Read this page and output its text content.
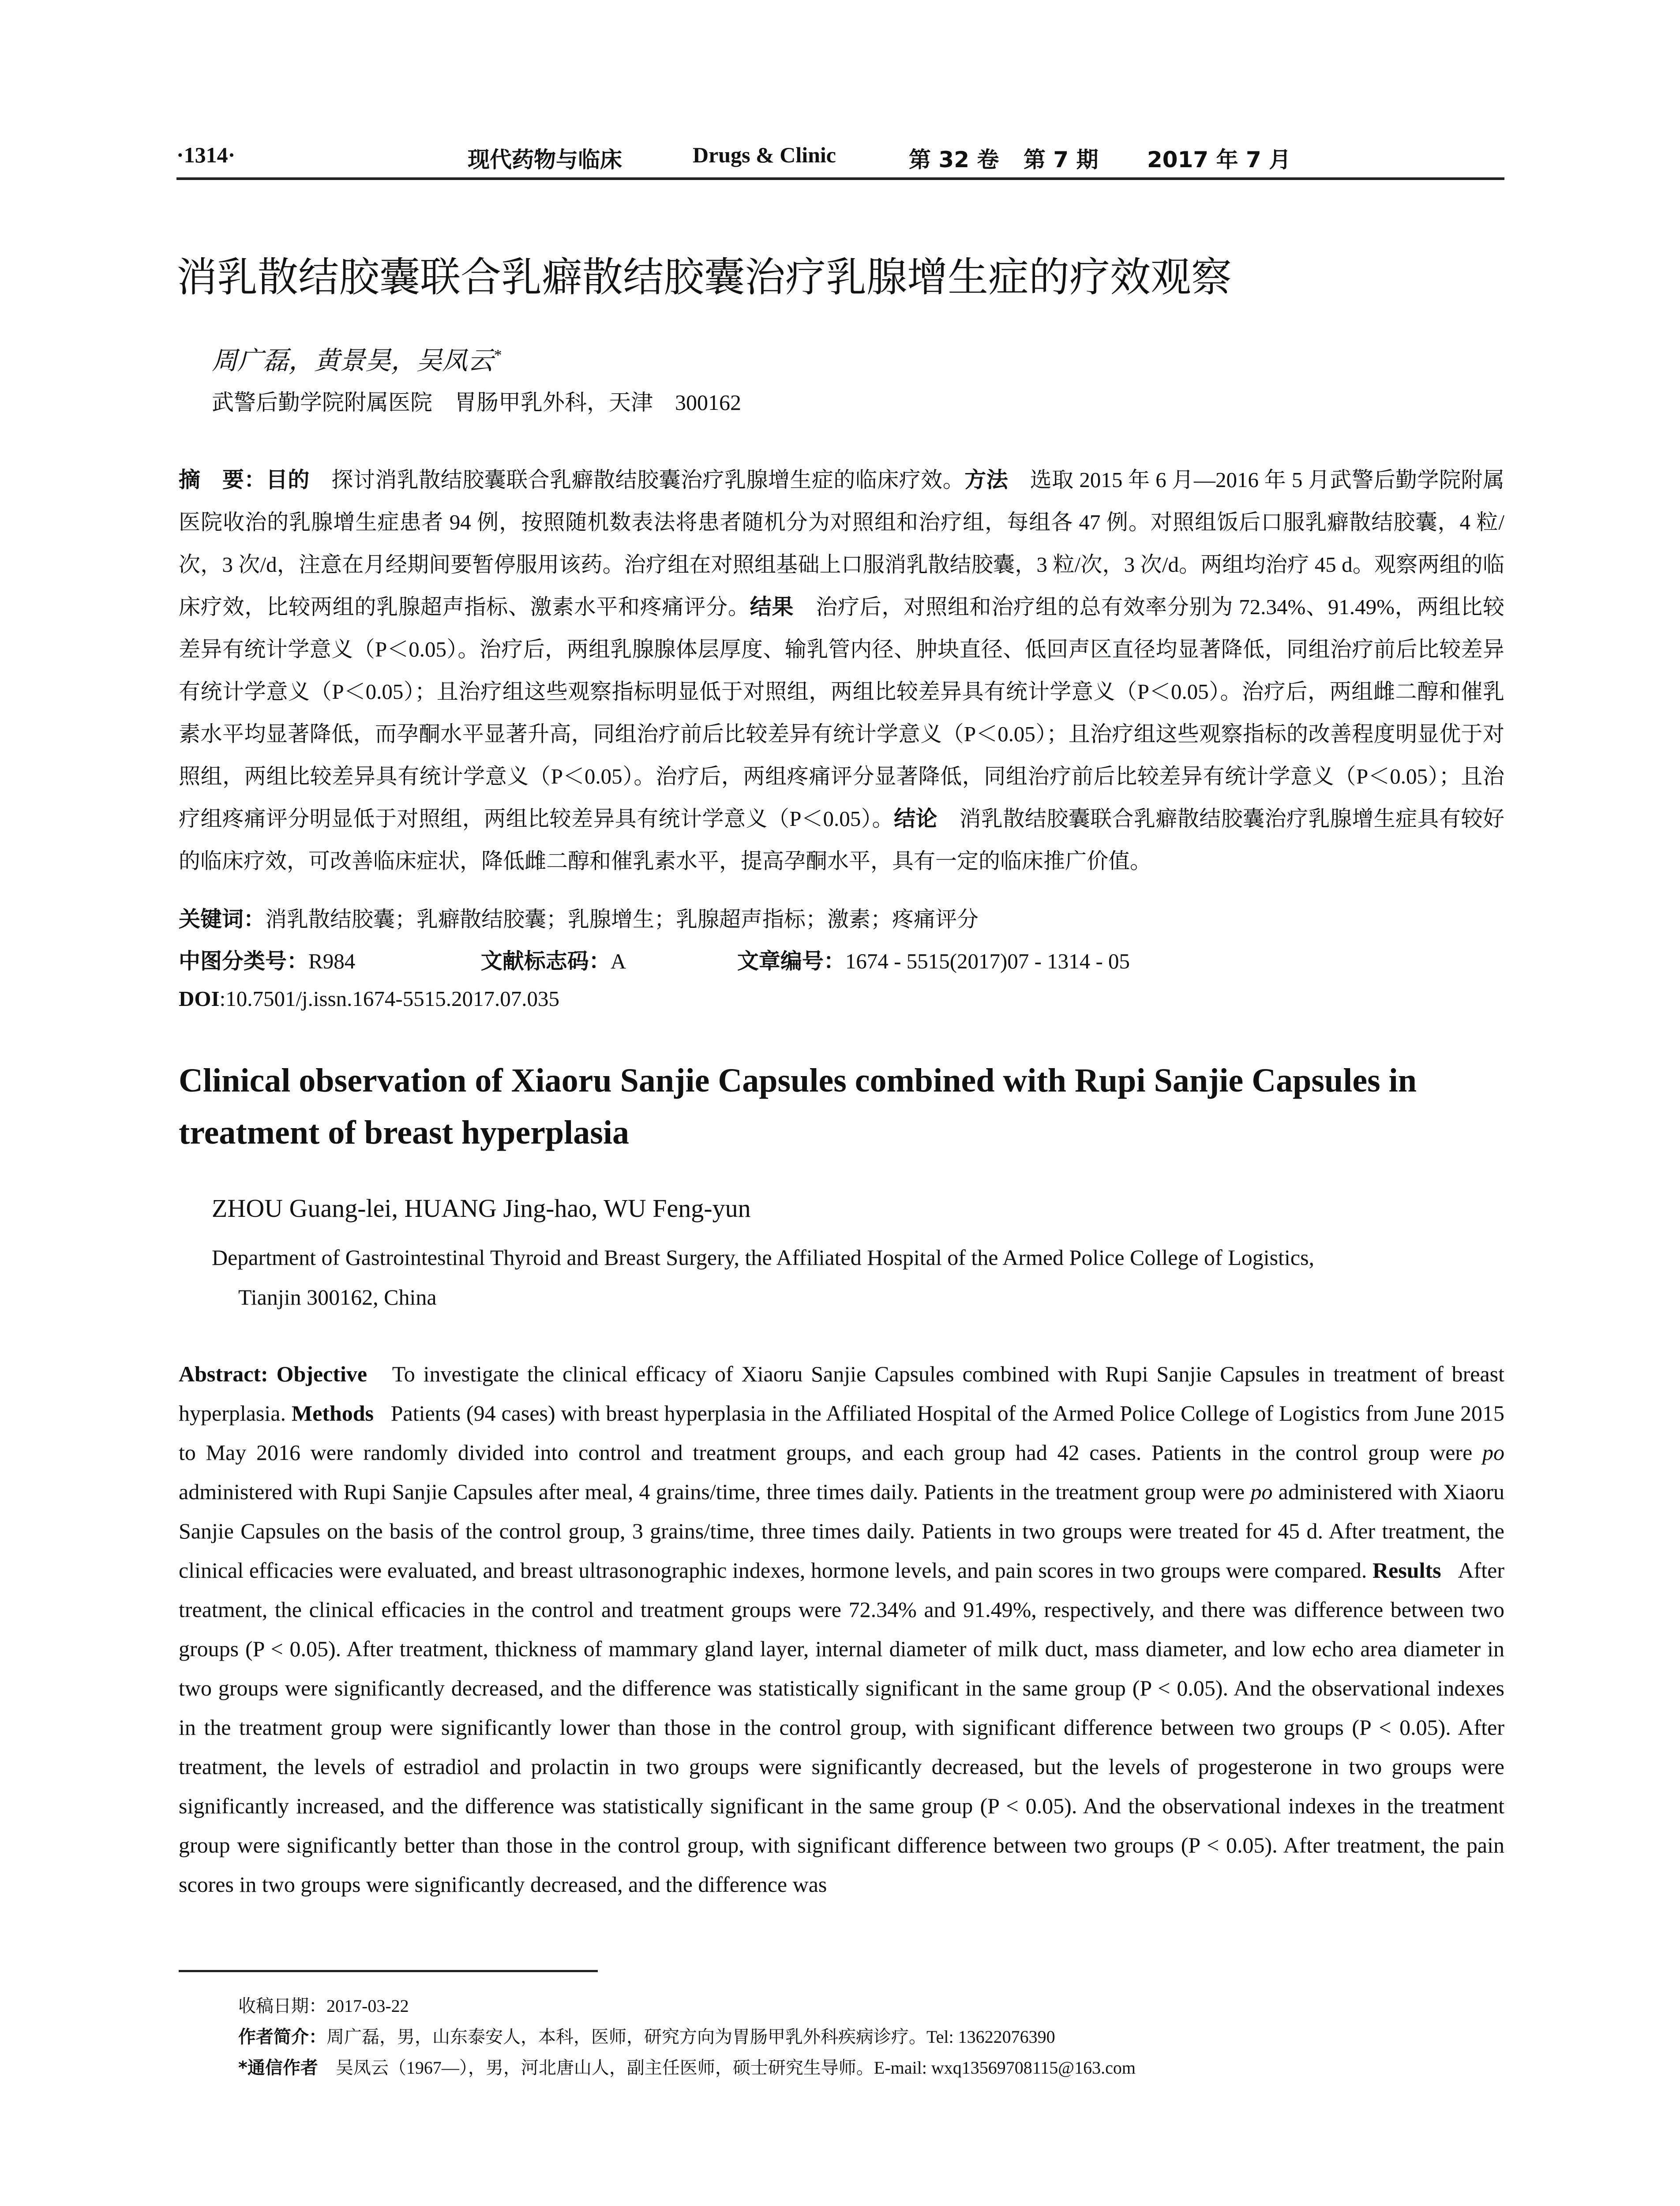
·1314·	现代药物与临床	Drugs & Clinic	第 32 卷 第 7 期 2017 年 7 月
消乳散结胶囊联合乳癖散结胶囊治疗乳腺增生症的疗效观察
周广磊，黄景昊，吴凤云*
武警后勤学院附属医院　胃肠甲乳外科，天津　300162
摘　要：目的　探讨消乳散结胶囊联合乳癖散结胶囊治疗乳腺增生症的临床疗效。方法　选取 2015 年 6 月—2016 年 5 月武警后勤学院附属医院收治的乳腺增生症患者 94 例，按照随机数表法将患者随机分为对照组和治疗组，每组各 47 例。对照组饭后口服乳癖散结胶囊，4 粒/次，3 次/d，注意在月经期间要暂停服用该药。治疗组在对照组基础上口服消乳散结胶囊，3 粒/次，3 次/d。两组均治疗 45 d。观察两组的临床疗效，比较两组的乳腺超声指标、激素水平和疼痛评分。结果　治疗后，对照组和治疗组的总有效率分别为 72.34%、91.49%，两组比较差异有统计学意义（P＜0.05）。治疗后，两组乳腺腺体层厚度、输乳管内径、肿块直径、低回声区直径均显著降低，同组治疗前后比较差异有统计学意义（P＜0.05）；且治疗组这些观察指标明显低于对照组，两组比较差异具有统计学意义（P＜0.05）。治疗后，两组雌二醇和催乳素水平均显著降低，而孕酮水平显著升高，同组治疗前后比较差异有统计学意义（P＜0.05）；且治疗组这些观察指标的改善程度明显优于对照组，两组比较差异具有统计学意义（P＜0.05）。治疗后，两组疼痛评分显著降低，同组治疗前后比较差异有统计学意义（P＜0.05）；且治疗组疼痛评分明显低于对照组，两组比较差异具有统计学意义（P＜0.05）。结论　消乳散结胶囊联合乳癖散结胶囊治疗乳腺增生症具有较好的临床疗效，可改善临床症状，降低雌二醇和催乳素水平，提高孕酮水平，具有一定的临床推广价值。
关键词：消乳散结胶囊；乳癖散结胶囊；乳腺增生；乳腺超声指标；激素；疼痛评分
中图分类号：R984	文献标志码：A	文章编号：1674 - 5515(2017)07 - 1314 - 05
DOI:10.7501/j.issn.1674-5515.2017.07.035
Clinical observation of Xiaoru Sanjie Capsules combined with Rupi Sanjie Capsules in treatment of breast hyperplasia
ZHOU Guang-lei, HUANG Jing-hao, WU Feng-yun
Department of Gastrointestinal Thyroid and Breast Surgery, the Affiliated Hospital of the Armed Police College of Logistics,
Tianjin 300162, China
Abstract: Objective To investigate the clinical efficacy of Xiaoru Sanjie Capsules combined with Rupi Sanjie Capsules in treatment of breast hyperplasia. Methods Patients (94 cases) with breast hyperplasia in the Affiliated Hospital of the Armed Police College of Logistics from June 2015 to May 2016 were randomly divided into control and treatment groups, and each group had 42 cases. Patients in the control group were po administered with Rupi Sanjie Capsules after meal, 4 grains/time, three times daily. Patients in the treatment group were po administered with Xiaoru Sanjie Capsules on the basis of the control group, 3 grains/time, three times daily. Patients in two groups were treated for 45 d. After treatment, the clinical efficacies were evaluated, and breast ultrasonographic indexes, hormone levels, and pain scores in two groups were compared. Results After treatment, the clinical efficacies in the control and treatment groups were 72.34% and 91.49%, respectively, and there was difference between two groups (P < 0.05). After treatment, thickness of mammary gland layer, internal diameter of milk duct, mass diameter, and low echo area diameter in two groups were significantly decreased, and the difference was statistically significant in the same group (P < 0.05). And the observational indexes in the treatment group were significantly lower than those in the control group, with significant difference between two groups (P < 0.05). After treatment, the levels of estradiol and prolactin in two groups were significantly decreased, but the levels of progesterone in two groups were significantly increased, and the difference was statistically significant in the same group (P < 0.05). And the observational indexes in the treatment group were significantly better than those in the control group, with significant difference between two groups (P < 0.05). After treatment, the pain scores in two groups were significantly decreased, and the difference was
收稿日期：2017-03-22
作者简介：周广磊，男，山东泰安人，本科，医师，研究方向为胃肠甲乳外科疾病诊疗。Tel: 13622076390
*通信作者　吴凤云（1967—），男，河北唐山人，副主任医师，硕士研究生导师。E-mail: wxq13569708115@163.com
